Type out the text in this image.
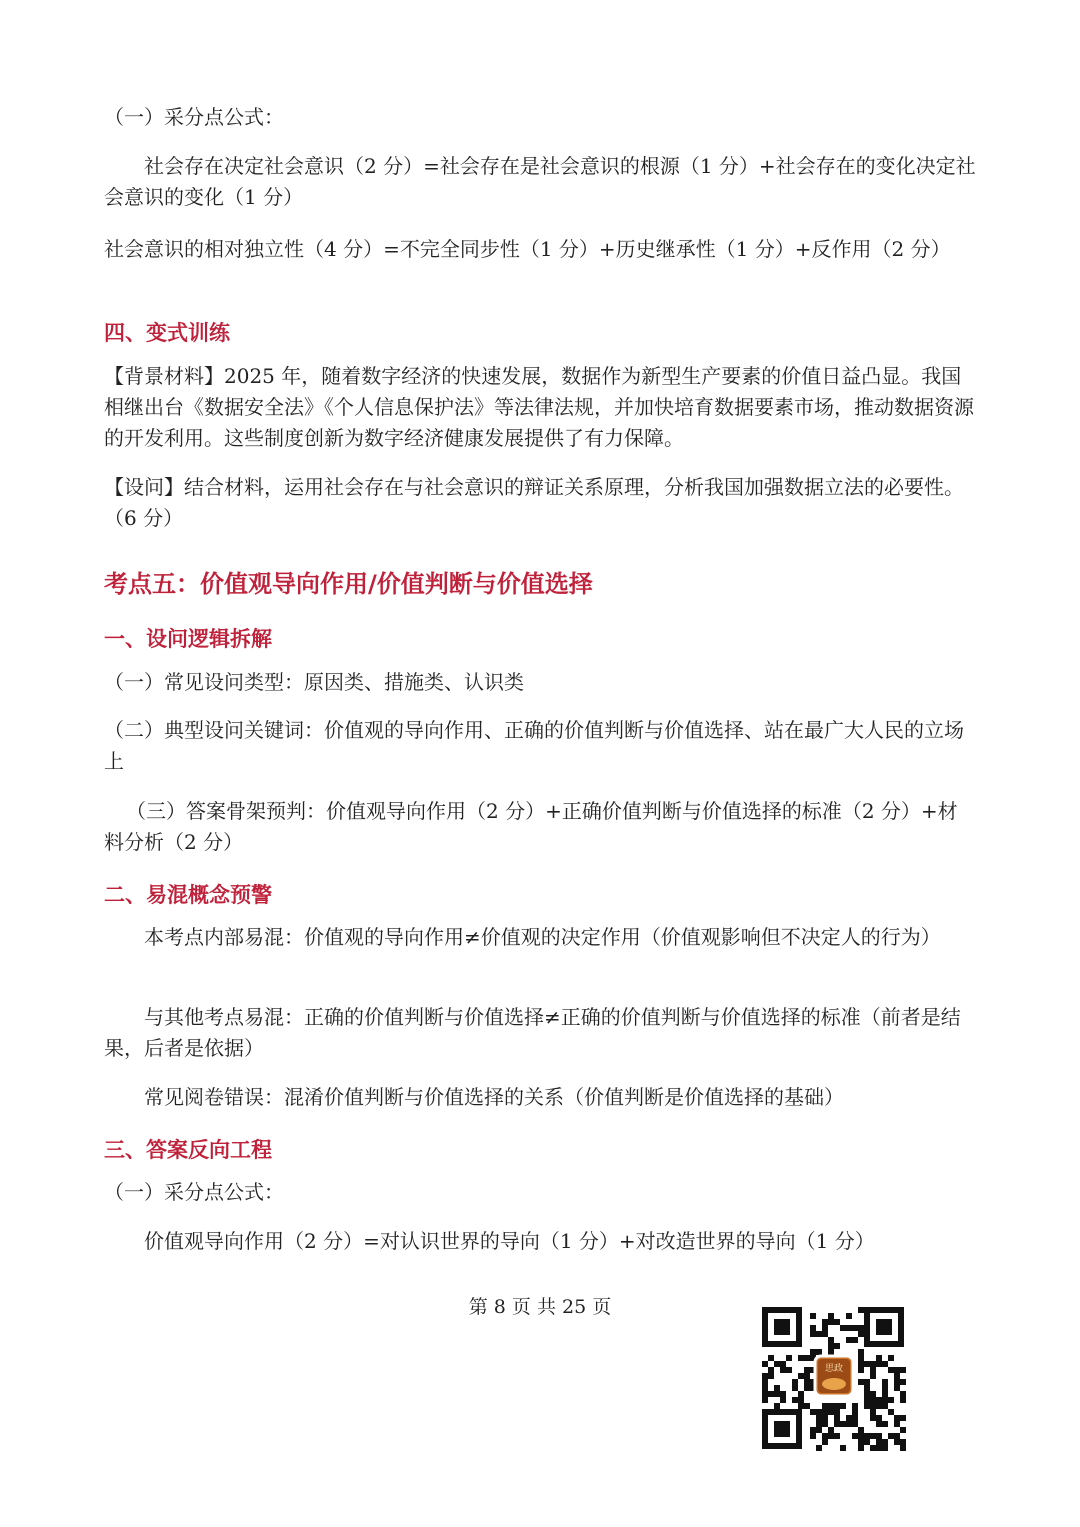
（一）采分点公式：
社会存在决定社会意识（2 分）=社会存在是社会意识的根源（1 分）+社会存在的变化决定社会意识的变化（1 分）
社会意识的相对独立性（4 分）=不完全同步性（1 分）+历史继承性（1 分）+反作用（2 分）
四、变式训练
【背景材料】2025 年，随着数字经济的快速发展，数据作为新型生产要素的价值日益凸显。我国相继出台《数据安全法》《个人信息保护法》等法律法规，并加快培育数据要素市场，推动数据资源的开发利用。这些制度创新为数字经济健康发展提供了有力保障。
【设问】结合材料，运用社会存在与社会意识的辩证关系原理，分析我国加强数据立法的必要性。（6 分）
考点五：价值观导向作用/价值判断与价值选择
一、设问逻辑拆解
（一）常见设问类型：原因类、措施类、认识类
（二）典型设问关键词：价值观的导向作用、正确的价值判断与价值选择、站在最广大人民的立场上
（三）答案骨架预判：价值观导向作用（2 分）+正确价值判断与价值选择的标准（2 分）+材料分析（2 分）
二、易混概念预警
本考点内部易混：价值观的导向作用≠价值观的决定作用（价值观影响但不决定人的行为）
与其他考点易混：正确的价值判断与价值选择≠正确的价值判断与价值选择的标准（前者是结果，后者是依据）
常见阅卷错误：混淆价值判断与价值选择的关系（价值判断是价值选择的基础）
三、答案反向工程
（一）采分点公式：
价值观导向作用（2 分）=对认识世界的导向（1 分）+对改造世界的导向（1 分）
第 8 页 共 25 页
思政
